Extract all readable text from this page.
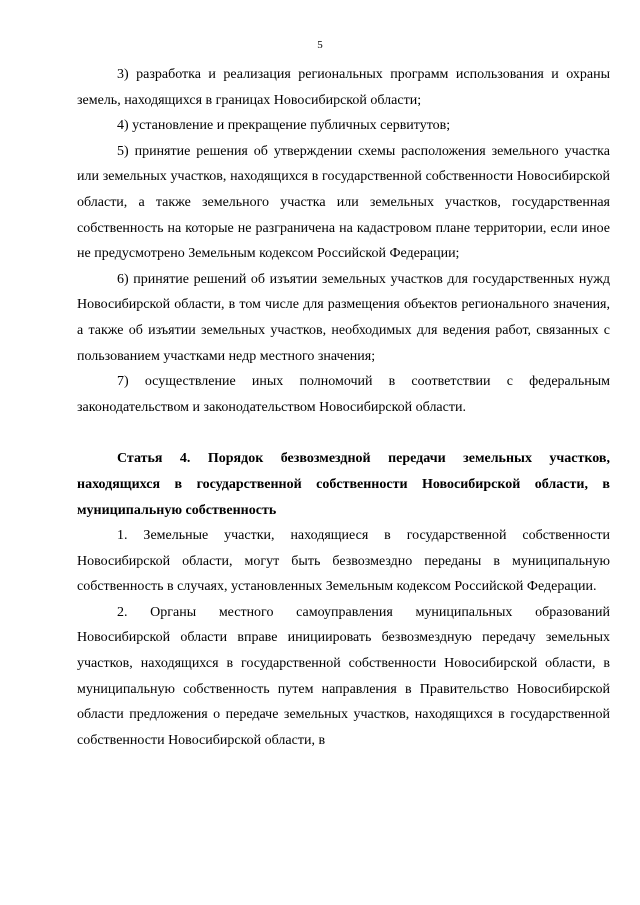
5

3) разработка и реализация региональных программ использования и охраны земель, находящихся в границах Новосибирской области;

4) установление и прекращение публичных сервитутов;

5) принятие решения об утверждении схемы расположения земельного участка или земельных участков, находящихся в государственной собственности Новосибирской области, а также земельного участка или земельных участков, государственная собственность на которые не разграничена на кадастровом плане территории, если иное не предусмотрено Земельным кодексом Российской Федерации;

6) принятие решений об изъятии земельных участков для государственных нужд Новосибирской области, в том числе для размещения объектов регионального значения, а также об изъятии земельных участков, необходимых для ведения работ, связанных с пользованием участками недр местного значения;

7) осуществление иных полномочий в соответствии с федеральным законодательством и законодательством Новосибирской области.

Статья 4. Порядок безвозмездной передачи земельных участков, находящихся в государственной собственности Новосибирской области, в муниципальную собственность

1. Земельные участки, находящиеся в государственной собственности Новосибирской области, могут быть безвозмездно переданы в муниципальную собственность в случаях, установленных Земельным кодексом Российской Федерации.

2. Органы местного самоуправления муниципальных образований Новосибирской области вправе инициировать безвозмездную передачу земельных участков, находящихся в государственной собственности Новосибирской области, в муниципальную собственность путем направления в Правительство Новосибирской области предложения о передаче земельных участков, находящихся в государственной собственности Новосибирской области, в
